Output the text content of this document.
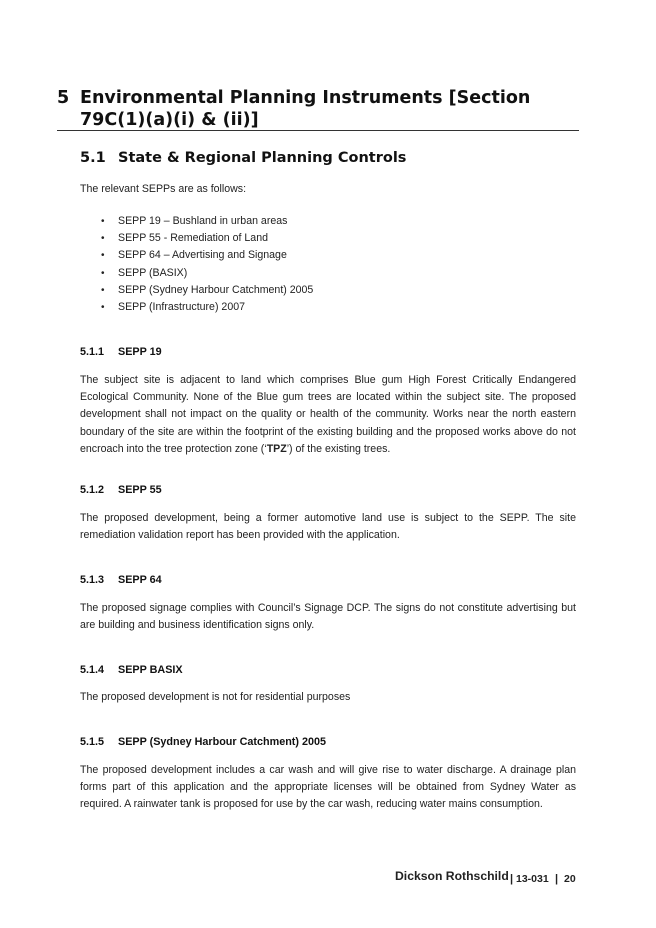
5 Environmental Planning Instruments [Section 79C(1)(a)(i) & (ii)]
5.1 State & Regional Planning Controls
The relevant SEPPs are as follows:
• SEPP 19 – Bushland in urban areas
• SEPP 55 - Remediation of Land
• SEPP 64 – Advertising and Signage
• SEPP (BASIX)
• SEPP (Sydney Harbour Catchment) 2005
• SEPP (Infrastructure) 2007
5.1.1 SEPP 19
The subject site is adjacent to land which comprises Blue gum High Forest Critically Endangered Ecological Community. None of the Blue gum trees are located within the subject site. The proposed development shall not impact on the quality or health of the community. Works near the north eastern boundary of the site are within the footprint of the existing building and the proposed works above do not encroach into the tree protection zone (‘TPZ’) of the existing trees.
5.1.2 SEPP 55
The proposed development, being a former automotive land use is subject to the SEPP. The site remediation validation report has been provided with the application.
5.1.3 SEPP 64
The proposed signage complies with Council’s Signage DCP. The signs do not constitute advertising but are building and business identification signs only.
5.1.4 SEPP BASIX
The proposed development is not for residential purposes
5.1.5 SEPP (Sydney Harbour Catchment) 2005
The proposed development includes a car wash and will give rise to water discharge. A drainage plan forms part of this application and the appropriate licenses will be obtained from Sydney Water as required. A rainwater tank is proposed for use by the car wash, reducing water mains consumption.
Dickson Rothschild | 13-031 | 20
